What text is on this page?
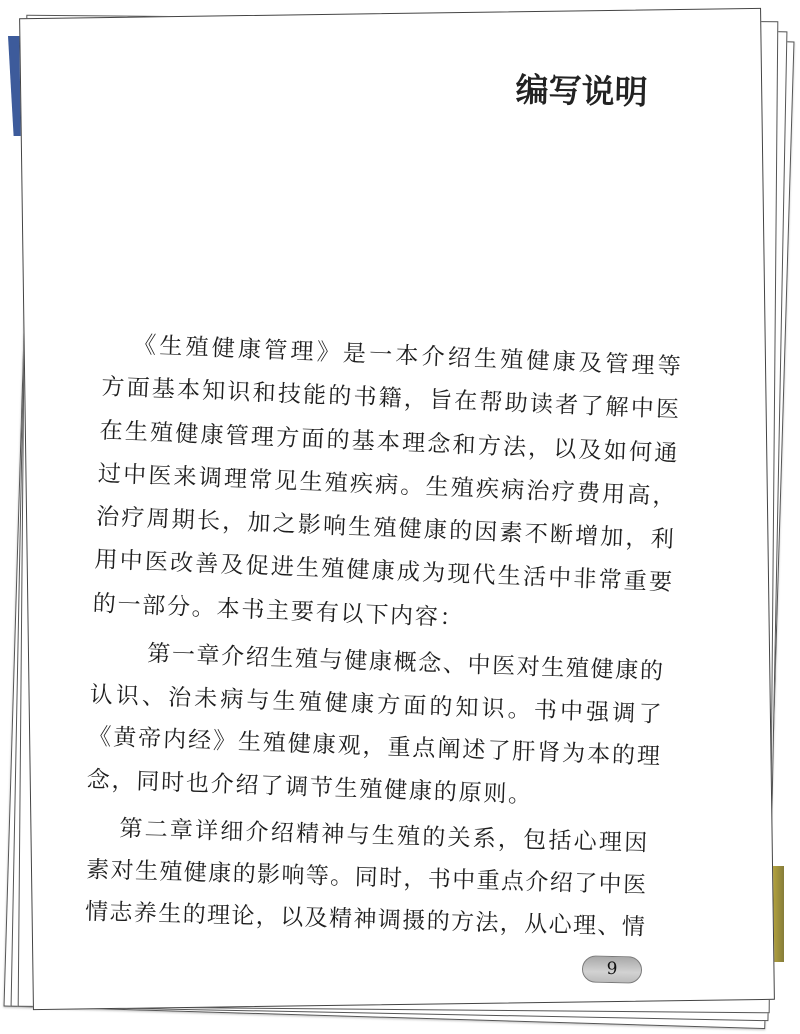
编写说明
《生殖健康管理》是一本介绍生殖健康及管理等
方面基本知识和技能的书籍，旨在帮助读者了解中医
在生殖健康管理方面的基本理念和方法，以及如何通
过中医来调理常见生殖疾病。生殖疾病治疗费用高，
治疗周期长，加之影响生殖健康的因素不断增加，利
用中医改善及促进生殖健康成为现代生活中非常重要
的一部分。本书主要有以下内容：
第一章介绍生殖与健康概念、中医对生殖健康的
认识、治未病与生殖健康方面的知识。书中强调了
《黄帝内经》生殖健康观，重点阐述了肝肾为本的理
念，同时也介绍了调节生殖健康的原则。
第二章详细介绍精神与生殖的关系，包括心理因
素对生殖健康的影响等。同时，书中重点介绍了中医
情志养生的理论，以及精神调摄的方法，从心理、情
9
